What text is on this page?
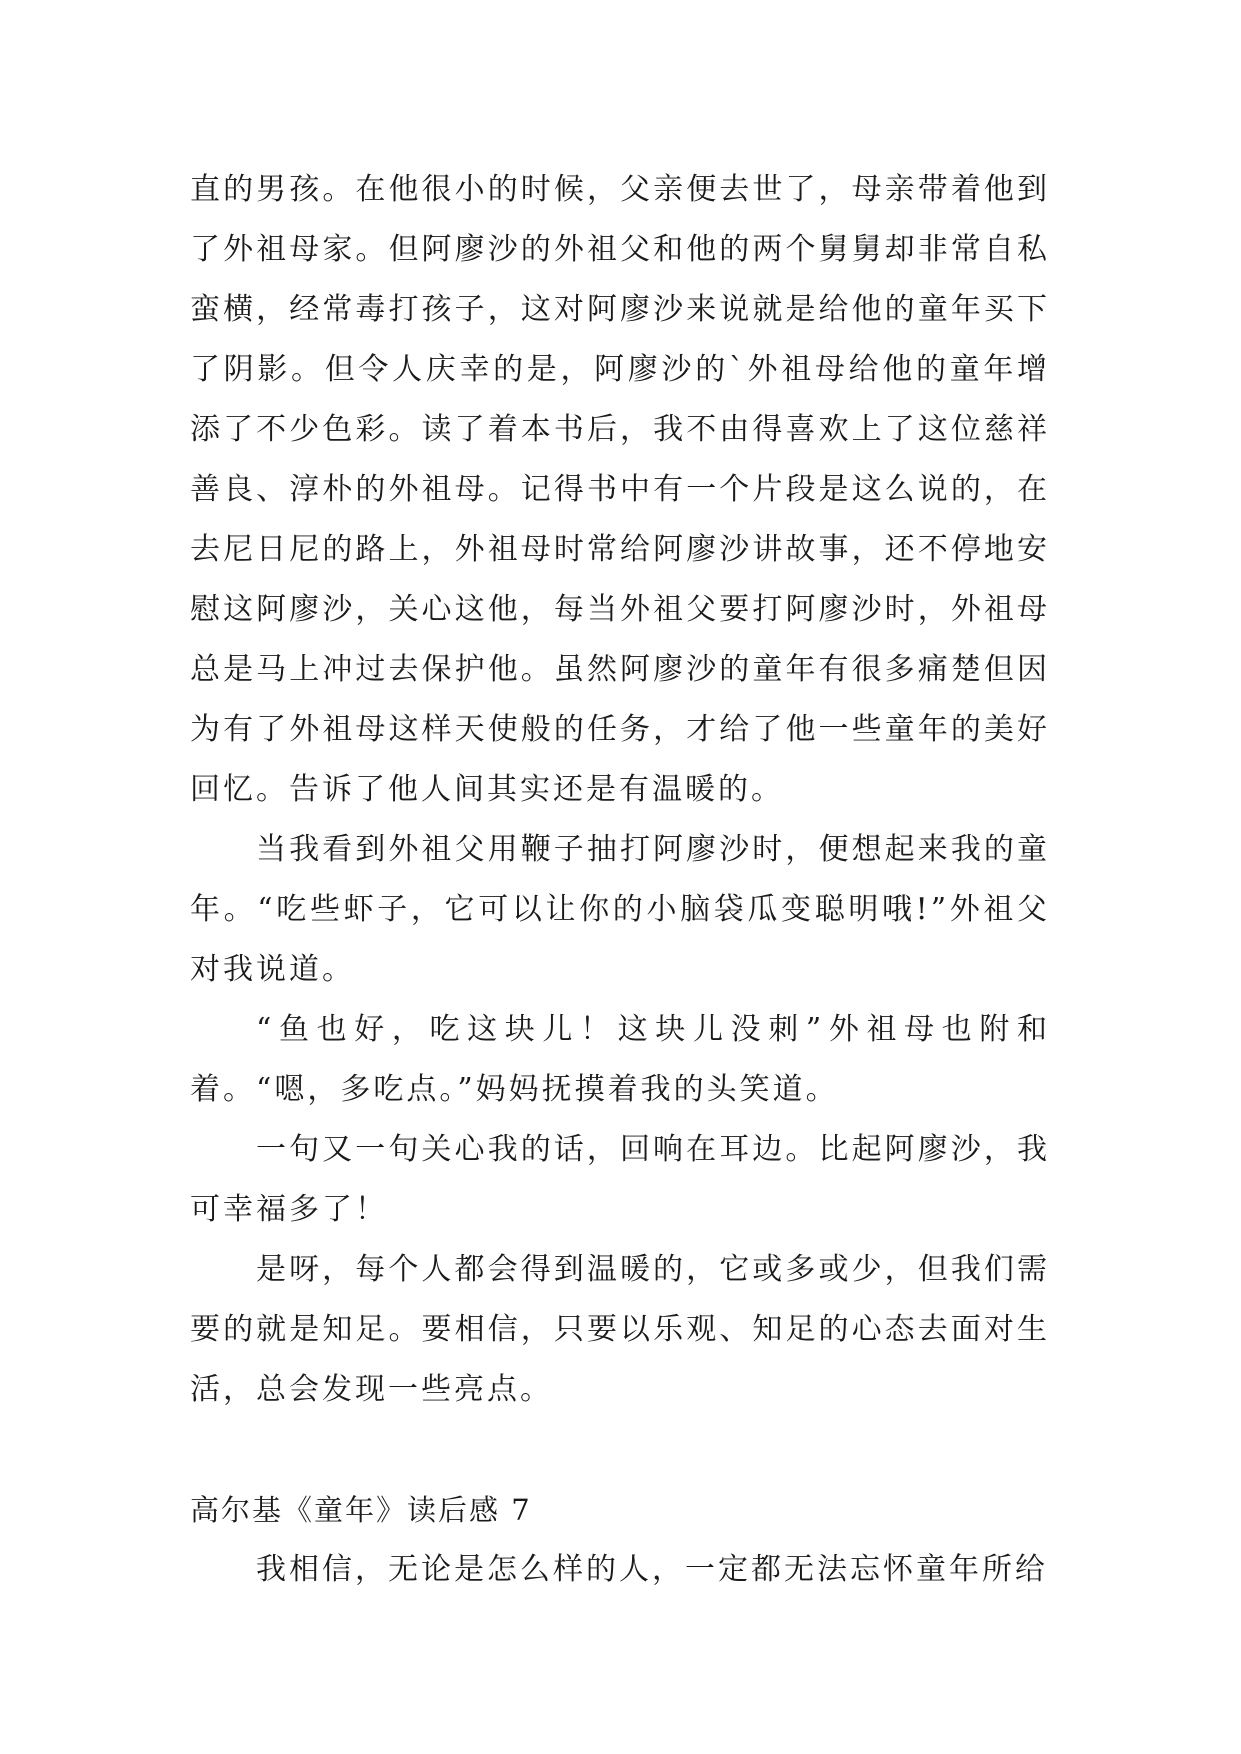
直的男孩。在他很小的时候，父亲便去世了，母亲带着他到了外祖母家。但阿廖沙的外祖父和他的两个舅舅却非常自私蛮横，经常毒打孩子，这对阿廖沙来说就是给他的童年买下了阴影。但令人庆幸的是，阿廖沙的`外祖母给他的童年增添了不少色彩。读了着本书后，我不由得喜欢上了这位慈祥善良、淳朴的外祖母。记得书中有一个片段是这么说的，在去尼日尼的路上，外祖母时常给阿廖沙讲故事，还不停地安慰这阿廖沙，关心这他，每当外祖父要打阿廖沙时，外祖母总是马上冲过去保护他。虽然阿廖沙的童年有很多痛楚但因为有了外祖母这样天使般的任务，才给了他一些童年的美好回忆。告诉了他人间其实还是有温暖的。

当我看到外祖父用鞭子抽打阿廖沙时，便想起来我的童年。“吃些虾子，它可以让你的小脑袋瓜变聪明哦!”外祖父对我说道。

“鱼也好，吃这块儿！这块儿没刺”外祖母也附和着。“嗯，多吃点。”妈妈抚摸着我的头笑道。

一句又一句关心我的话，回响在耳边。比起阿廖沙，我可幸福多了！

是呀，每个人都会得到温暖的，它或多或少，但我们需要的就是知足。要相信，只要以乐观、知足的心态去面对生活，总会发现一些亮点。

高尔基《童年》读后感 7

我相信，无论是怎么样的人，一定都无法忘怀童年所给
